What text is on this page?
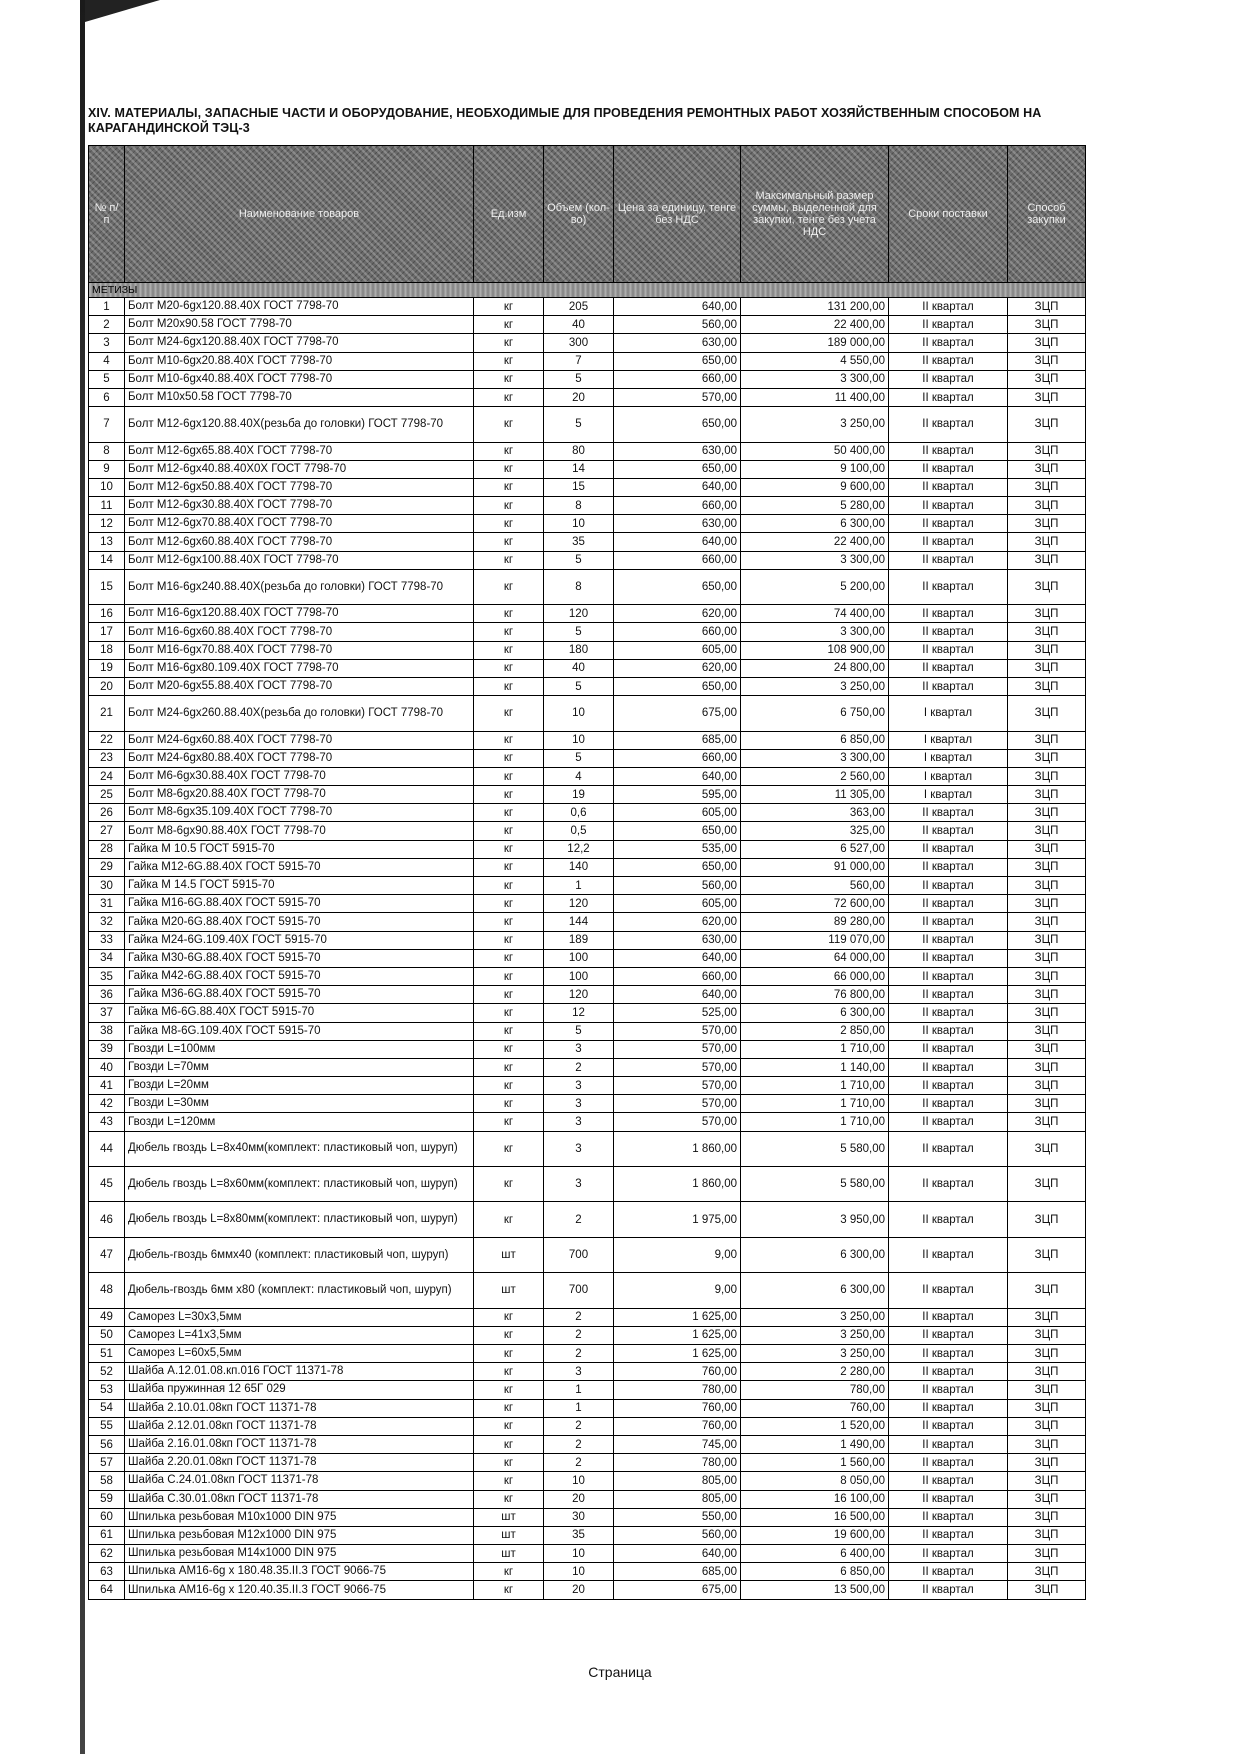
XIV. МАТЕРИАЛЫ, ЗАПАСНЫЕ ЧАСТИ И ОБОРУДОВАНИЕ, НЕОБХОДИМЫЕ ДЛЯ ПРОВЕДЕНИЯ РЕМОНТНЫХ РАБОТ ХОЗЯЙСТВЕННЫМ СПОСОБОМ НА КАРАГАНДИНСКОЙ ТЭЦ-3
№ п/п	Наименование товаров	Ед.изм	Объем (кол-во)	Цена за единицу, тенге без НДС	Максимальный размер суммы, выделенной для закупки, тенге без учета НДС	Сроки поставки	Способ закупки
МЕТИЗЫ							
1	Болт М20-6gх120.88.40Х ГОСТ 7798-70	кг	205	640,00	131 200,00	II квартал	ЗЦП
2	Болт М20х90.58 ГОСТ 7798-70	кг	40	560,00	22 400,00	II квартал	ЗЦП
3	Болт М24-6gх120.88.40Х ГОСТ 7798-70	кг	300	630,00	189 000,00	II квартал	ЗЦП
4	Болт М10-6gх20.88.40Х ГОСТ 7798-70	кг	7	650,00	4 550,00	II квартал	ЗЦП
5	Болт М10-6gх40.88.40Х ГОСТ 7798-70	кг	5	660,00	3 300,00	II квартал	ЗЦП
6	Болт М10х50.58 ГОСТ 7798-70	кг	20	570,00	11 400,00	II квартал	ЗЦП
7	Болт М12-6gх120.88.40Х(резьба до головки) ГОСТ 7798-70	кг	5	650,00	3 250,00	II квартал	ЗЦП
8	Болт М12-6gх65.88.40Х ГОСТ 7798-70	кг	80	630,00	50 400,00	II квартал	ЗЦП
9	Болт М12-6gх40.88.40Х0Х ГОСТ 7798-70	кг	14	650,00	9 100,00	II квартал	ЗЦП
10	Болт М12-6gх50.88.40Х ГОСТ 7798-70	кг	15	640,00	9 600,00	II квартал	ЗЦП
11	Болт М12-6gх30.88.40Х ГОСТ 7798-70	кг	8	660,00	5 280,00	II квартал	ЗЦП
12	Болт М12-6gх70.88.40Х ГОСТ 7798-70	кг	10	630,00	6 300,00	II квартал	ЗЦП
13	Болт М12-6gх60.88.40Х ГОСТ 7798-70	кг	35	640,00	22 400,00	II квартал	ЗЦП
14	Болт М12-6gх100.88.40Х ГОСТ 7798-70	кг	5	660,00	3 300,00	II квартал	ЗЦП
15	Болт М16-6gх240.88.40Х(резьба до головки) ГОСТ 7798-70	кг	8	650,00	5 200,00	II квартал	ЗЦП
16	Болт М16-6gх120.88.40Х ГОСТ 7798-70	кг	120	620,00	74 400,00	II квартал	ЗЦП
17	Болт М16-6gх60.88.40Х ГОСТ 7798-70	кг	5	660,00	3 300,00	II квартал	ЗЦП
18	Болт М16-6gх70.88.40Х ГОСТ 7798-70	кг	180	605,00	108 900,00	II квартал	ЗЦП
19	Болт М16-6gх80.109.40Х ГОСТ 7798-70	кг	40	620,00	24 800,00	II квартал	ЗЦП
20	Болт М20-6gх55.88.40Х ГОСТ 7798-70	кг	5	650,00	3 250,00	II квартал	ЗЦП
21	Болт М24-6gх260.88.40Х(резьба до головки) ГОСТ 7798-70	кг	10	675,00	6 750,00	I квартал	ЗЦП
22	Болт М24-6gх60.88.40Х ГОСТ 7798-70	кг	10	685,00	6 850,00	I квартал	ЗЦП
23	Болт М24-6gх80.88.40Х ГОСТ 7798-70	кг	5	660,00	3 300,00	I квартал	ЗЦП
24	Болт М6-6gх30.88.40Х ГОСТ 7798-70	кг	4	640,00	2 560,00	I квартал	ЗЦП
25	Болт М8-6gх20.88.40Х ГОСТ 7798-70	кг	19	595,00	11 305,00	I квартал	ЗЦП
26	Болт М8-6gх35.109.40Х ГОСТ 7798-70	кг	0,6	605,00	363,00	II квартал	ЗЦП
27	Болт М8-6gх90.88.40Х ГОСТ 7798-70	кг	0,5	650,00	325,00	II квартал	ЗЦП
28	Гайка М 10.5 ГОСТ 5915-70	кг	12,2	535,00	6 527,00	II квартал	ЗЦП
29	Гайка М12-6G.88.40Х ГОСТ 5915-70	кг	140	650,00	91 000,00	II квартал	ЗЦП
30	Гайка М 14.5 ГОСТ 5915-70	кг	1	560,00	560,00	II квартал	ЗЦП
31	Гайка М16-6G.88.40Х ГОСТ 5915-70	кг	120	605,00	72 600,00	II квартал	ЗЦП
32	Гайка М20-6G.88.40Х ГОСТ 5915-70	кг	144	620,00	89 280,00	II квартал	ЗЦП
33	Гайка М24-6G.109.40Х ГОСТ 5915-70	кг	189	630,00	119 070,00	II квартал	ЗЦП
34	Гайка М30-6G.88.40Х ГОСТ 5915-70	кг	100	640,00	64 000,00	II квартал	ЗЦП
35	Гайка М42-6G.88.40Х ГОСТ 5915-70	кг	100	660,00	66 000,00	II квартал	ЗЦП
36	Гайка М36-6G.88.40Х ГОСТ 5915-70	кг	120	640,00	76 800,00	II квартал	ЗЦП
37	Гайка М6-6G.88.40Х ГОСТ 5915-70	кг	12	525,00	6 300,00	II квартал	ЗЦП
38	Гайка М8-6G.109.40Х ГОСТ 5915-70	кг	5	570,00	2 850,00	II квартал	ЗЦП
39	Гвозди L=100мм	кг	3	570,00	1 710,00	II квартал	ЗЦП
40	Гвозди L=70мм	кг	2	570,00	1 140,00	II квартал	ЗЦП
41	Гвозди L=20мм	кг	3	570,00	1 710,00	II квартал	ЗЦП
42	Гвозди L=30мм	кг	3	570,00	1 710,00	II квартал	ЗЦП
43	Гвозди L=120мм	кг	3	570,00	1 710,00	II квартал	ЗЦП
44	Дюбель гвоздь L=8х40мм(комплект: пластиковый чоп, шуруп)	кг	3	1 860,00	5 580,00	II квартал	ЗЦП
45	Дюбель гвоздь L=8х60мм(комплект: пластиковый чоп, шуруп)	кг	3	1 860,00	5 580,00	II квартал	ЗЦП
46	Дюбель гвоздь L=8х80мм(комплект: пластиковый чоп, шуруп)	кг	2	1 975,00	3 950,00	II квартал	ЗЦП
47	Дюбель-гвоздь 6ммх40 (комплект: пластиковый чоп, шуруп)	шт	700	9,00	6 300,00	II квартал	ЗЦП
48	Дюбель-гвоздь 6мм х80 (комплект: пластиковый чоп, шуруп)	шт	700	9,00	6 300,00	II квартал	ЗЦП
49	Саморез L=30х3,5мм	кг	2	1 625,00	3 250,00	II квартал	ЗЦП
50	Саморез L=41х3,5мм	кг	2	1 625,00	3 250,00	II квартал	ЗЦП
51	Саморез L=60х5,5мм	кг	2	1 625,00	3 250,00	II квартал	ЗЦП
52	Шайба А.12.01.08.кп.016 ГОСТ 11371-78	кг	3	760,00	2 280,00	II квартал	ЗЦП
53	Шайба пружинная 12 65Г 029	кг	1	780,00	780,00	II квартал	ЗЦП
54	Шайба 2.10.01.08кп ГОСТ 11371-78	кг	1	760,00	760,00	II квартал	ЗЦП
55	Шайба 2.12.01.08кп ГОСТ 11371-78	кг	2	760,00	1 520,00	II квартал	ЗЦП
56	Шайба 2.16.01.08кп ГОСТ 11371-78	кг	2	745,00	1 490,00	II квартал	ЗЦП
57	Шайба 2.20.01.08кп ГОСТ 11371-78	кг	2	780,00	1 560,00	II квартал	ЗЦП
58	Шайба С.24.01.08кп ГОСТ 11371-78	кг	10	805,00	8 050,00	II квартал	ЗЦП
59	Шайба С.30.01.08кп ГОСТ 11371-78	кг	20	805,00	16 100,00	II квартал	ЗЦП
60	Шпилька резьбовая М10х1000 DIN 975	шт	30	550,00	16 500,00	II квартал	ЗЦП
61	Шпилька резьбовая М12х1000 DIN 975	шт	35	560,00	19 600,00	II квартал	ЗЦП
62	Шпилька резьбовая М14х1000 DIN 975	шт	10	640,00	6 400,00	II квартал	ЗЦП
63	Шпилька АМ16-6g х 180.48.35.II.3 ГОСТ 9066-75	кг	10	685,00	6 850,00	II квартал	ЗЦП
64	Шпилька АМ16-6g х 120.40.35.II.3 ГОСТ 9066-75	кг	20	675,00	13 500,00	II квартал	ЗЦП
Страница
